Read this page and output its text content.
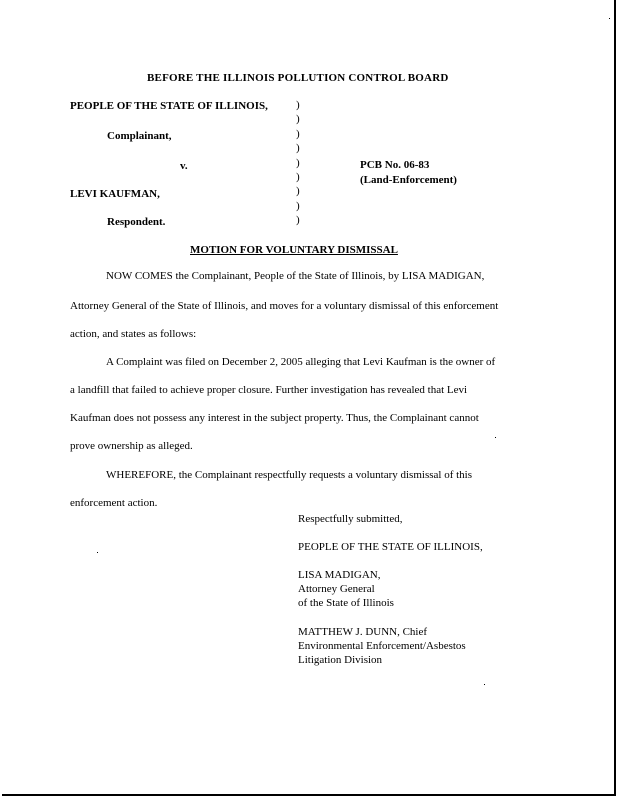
BEFORE THE ILLINOIS POLLUTION CONTROL BOARD
PEOPLE OF THE STATE OF ILLINOIS,
Complainant,
v.
LEVI KAUFMAN,
Respondent.
)
)
)
)
)
)
)
)
)
PCB No. 06-83
(Land-Enforcement)
MOTION FOR VOLUNTARY DISMISSAL
NOW COMES the Complainant, People of the State of Illinois, by LISA MADIGAN,
Attorney General of the State of Illinois, and moves for a voluntary dismissal of this enforcement
action, and states as follows:
A Complaint was filed on December 2, 2005 alleging that Levi Kaufman is the owner of
a landfill that failed to achieve proper closure. Further investigation has revealed that Levi
Kaufman does not possess any interest in the subject property. Thus, the Complainant cannot
prove ownership as alleged.
WHEREFORE, the Complainant respectfully requests a voluntary dismissal of this
enforcement action.
Respectfully submitted,
PEOPLE OF THE STATE OF ILLINOIS,
LISA MADIGAN,
Attorney General
of the State of Illinois
MATTHEW J. DUNN, Chief
Environmental Enforcement/Asbestos
Litigation Division
